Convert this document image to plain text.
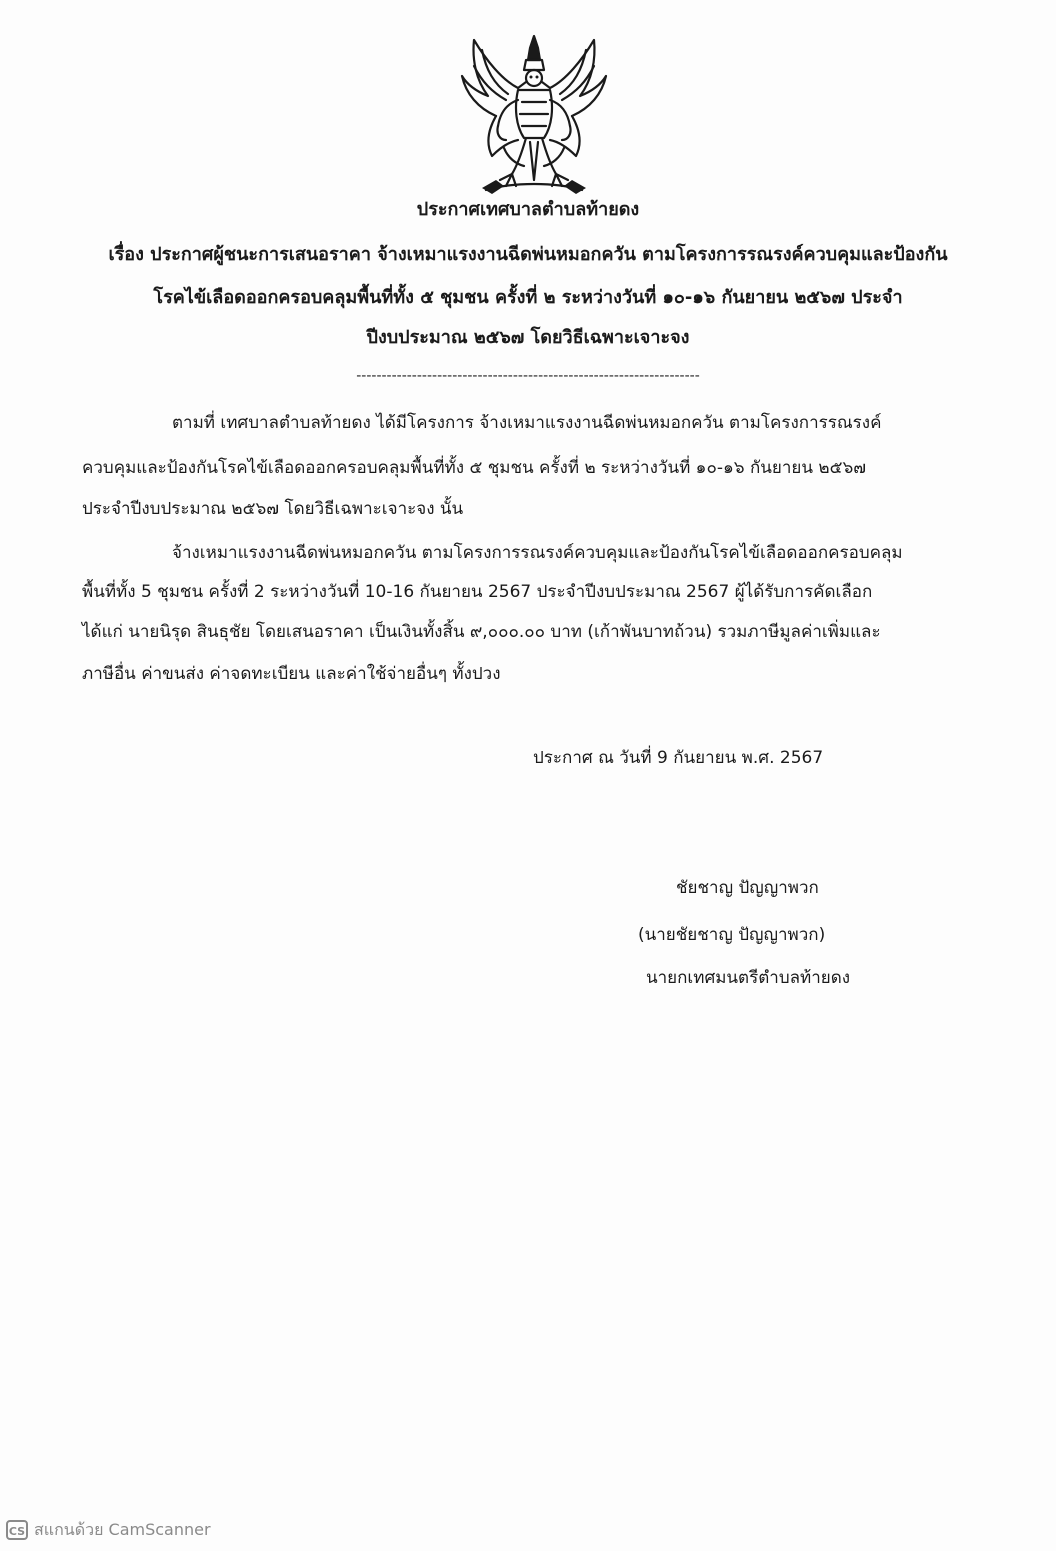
ประกาศเทศบาลตำบลท้ายดง
เรื่อง ประกาศผู้ชนะการเสนอราคา จ้างเหมาแรงงานฉีดพ่นหมอกควัน ตามโครงการรณรงค์ควบคุมและป้องกัน
โรคไข้เลือดออกครอบคลุมพื้นที่ทั้ง ๕ ชุมชน ครั้งที่ ๒ ระหว่างวันที่ ๑๐-๑๖ กันยายน ๒๕๖๗ ประจำ
ปีงบประมาณ ๒๕๖๗ โดยวิธีเฉพาะเจาะจง
--------------------------------------------------------------------
ตามที่ เทศบาลตำบลท้ายดง ได้มีโครงการ จ้างเหมาแรงงานฉีดพ่นหมอกควัน ตามโครงการรณรงค์
ควบคุมและป้องกันโรคไข้เลือดออกครอบคลุมพื้นที่ทั้ง ๕ ชุมชน ครั้งที่ ๒ ระหว่างวันที่ ๑๐-๑๖ กันยายน ๒๕๖๗
ประจำปีงบประมาณ ๒๕๖๗ โดยวิธีเฉพาะเจาะจง นั้น
จ้างเหมาแรงงานฉีดพ่นหมอกควัน ตามโครงการรณรงค์ควบคุมและป้องกันโรคไข้เลือดออกครอบคลุม
พื้นที่ทั้ง 5 ชุมชน ครั้งที่ 2 ระหว่างวันที่ 10-16 กันยายน 2567 ประจำปีงบประมาณ 2567 ผู้ได้รับการคัดเลือก
ได้แก่ นายนิรุด สินธุชัย โดยเสนอราคา เป็นเงินทั้งสิ้น ๙,๐๐๐.๐๐ บาท (เก้าพันบาทถ้วน) รวมภาษีมูลค่าเพิ่มและ
ภาษีอื่น ค่าขนส่ง ค่าจดทะเบียน และค่าใช้จ่ายอื่นๆ ทั้งปวง
ประกาศ ณ วันที่ 9 กันยายน พ.ศ. 2567
ชัยชาญ ปัญญาพวก
(นายชัยชาญ ปัญญาพวก)
นายกเทศมนตรีตำบลท้ายดง
CS สแกนด้วย CamScanner
